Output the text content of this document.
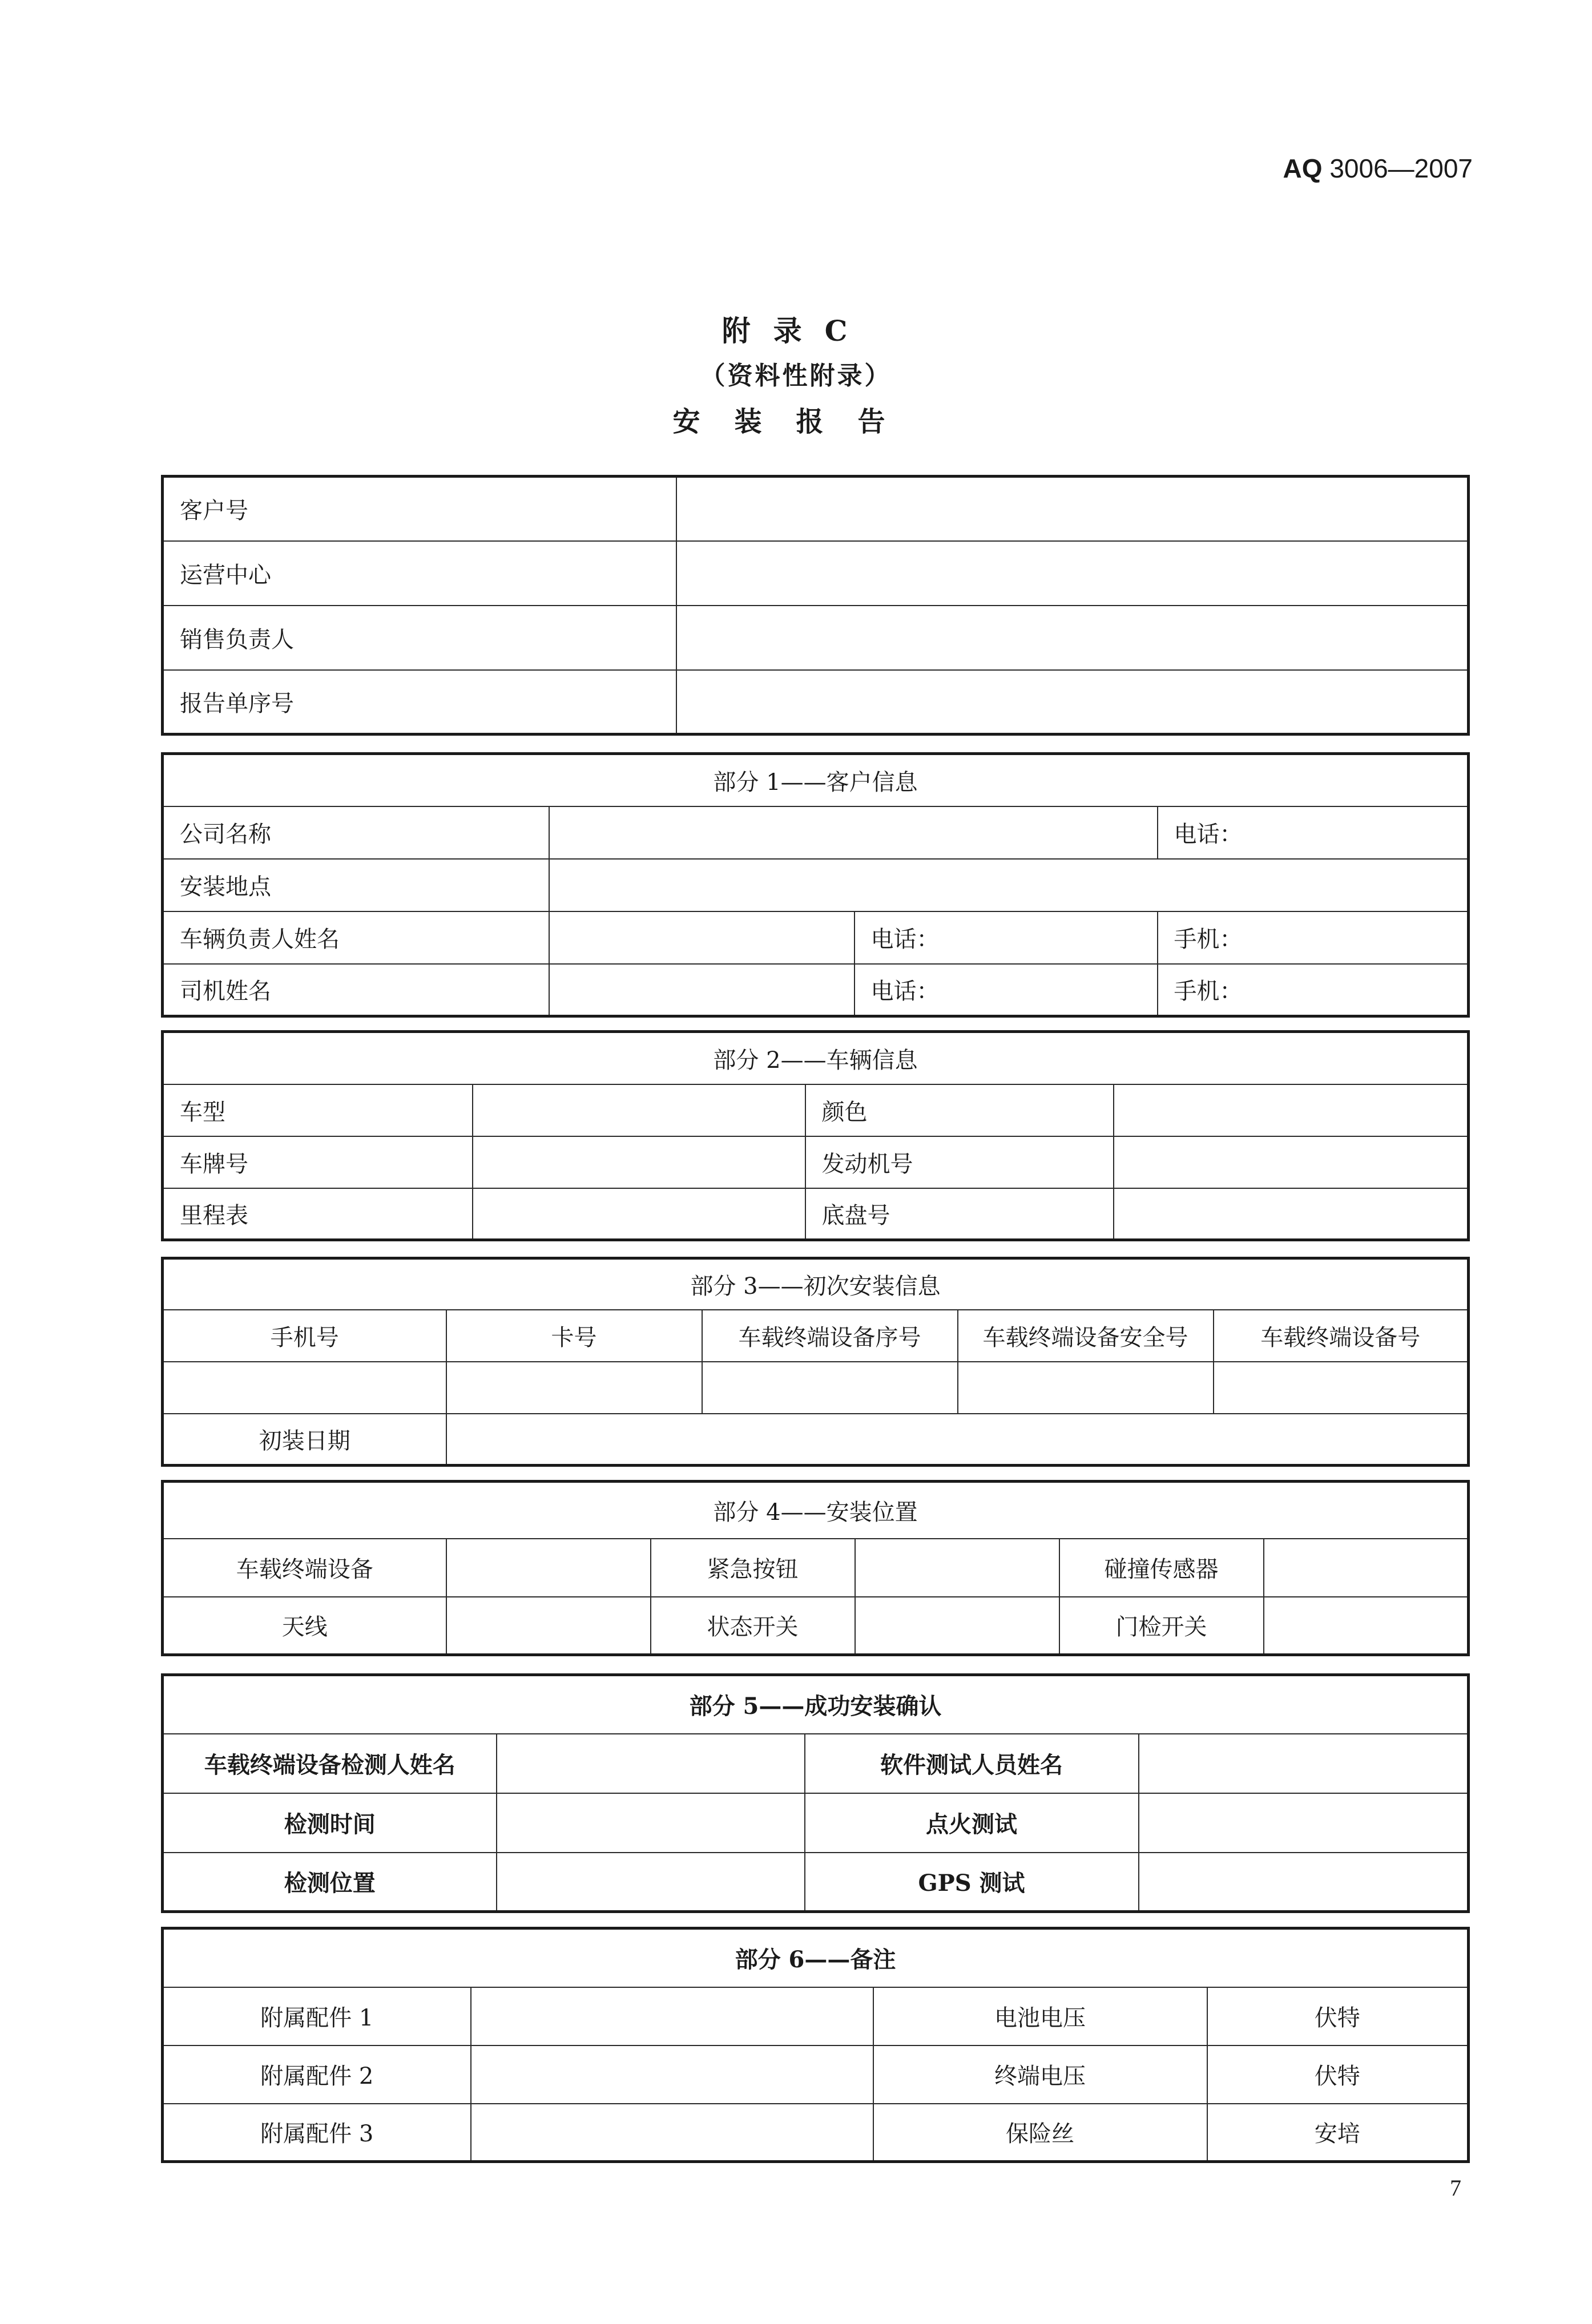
AQ 3006—2007
附录C
（资料性附录）
安装报告
客户号	
运营中心	
销售负责人	
报告单序号	
部分 1——客户信息			
公司名称			电话：
安装地点			
车辆负责人姓名		电话：	手机：
司机姓名		电话：	手机：
部分 2——车辆信息			
车型		颜色	
车牌号		发动机号	
里程表		底盘号	
部分 3——初次安装信息				
手机号	卡号	车载终端设备序号	车载终端设备安全号	车载终端设备号

初装日期				
部分 4——安装位置					
车载终端设备		紧急按钮		碰撞传感器	
天线		状态开关		门检开关	
部分 5——成功安装确认			
车载终端设备检测人姓名		软件测试人员姓名	
检测时间		点火测试	
检测位置		GPS 测试	
部分 6——备注			
附属配件 1		电池电压	伏特
附属配件 2		终端电压	伏特
附属配件 3		保险丝	安培
7
